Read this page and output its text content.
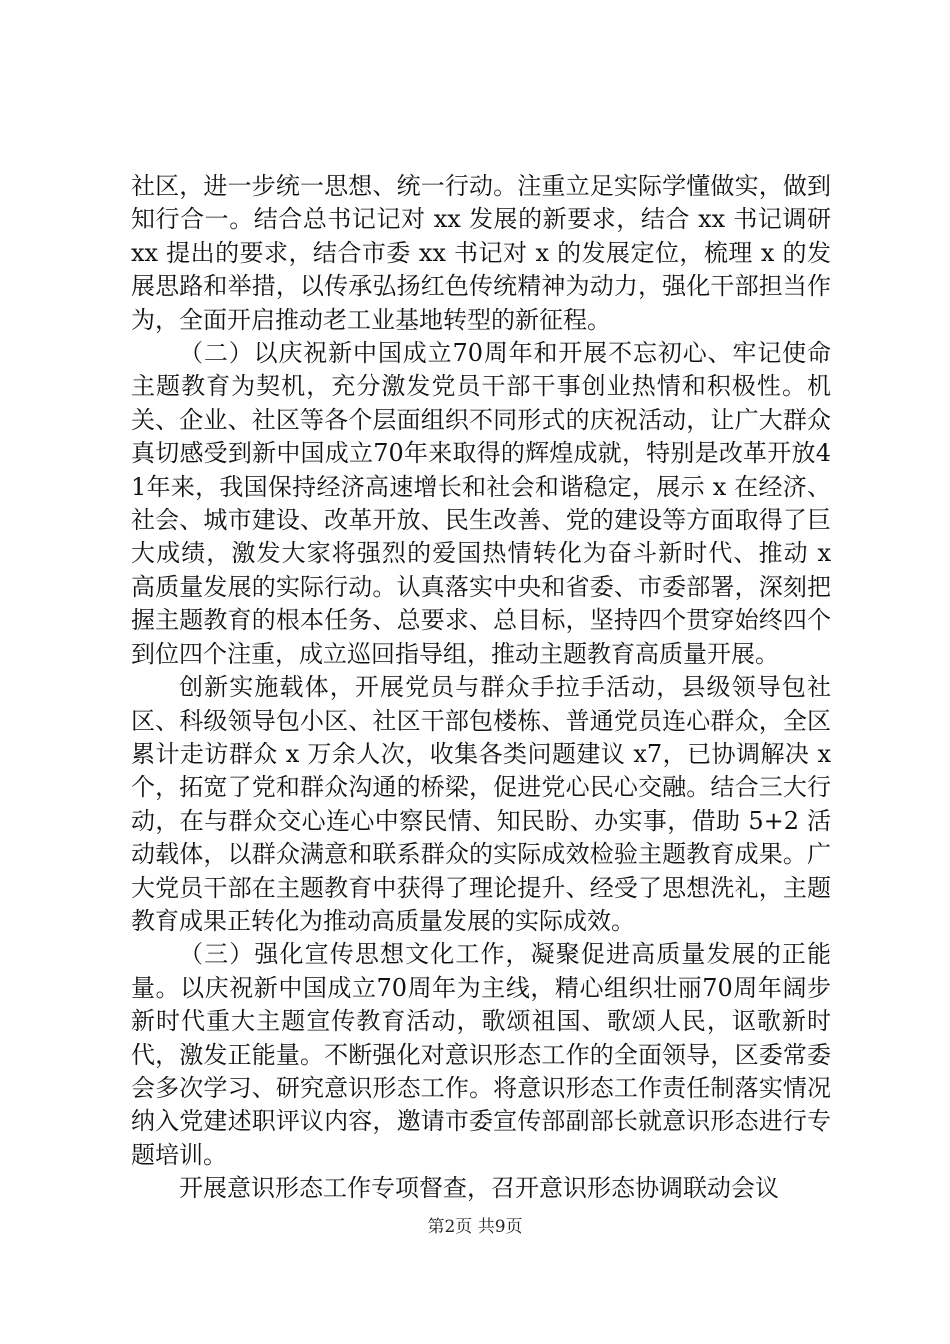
社区，进一步统一思想、统一行动。注重立足实际学懂做实，做到知行合一。结合总书记记对 xx 发展的新要求，结合 xx 书记调研 xx 提出的要求，结合市委 xx 书记对 x 的发展定位，梳理 x 的发展思路和举措，以传承弘扬红色传统精神为动力，强化干部担当作为，全面开启推动老工业基地转型的新征程。

（二）以庆祝新中国成立70周年和开展不忘初心、牢记使命主题教育为契机，充分激发党员干部干事创业热情和积极性。机关、企业、社区等各个层面组织不同形式的庆祝活动，让广大群众真切感受到新中国成立70年来取得的辉煌成就，特别是改革开放41年来，我国保持经济高速增长和社会和谐稳定，展示 x 在经济、社会、城市建设、改革开放、民生改善、党的建设等方面取得了巨大成绩，激发大家将强烈的爱国热情转化为奋斗新时代、推动 x 高质量发展的实际行动。认真落实中央和省委、市委部署，深刻把握主题教育的根本任务、总要求、总目标，坚持四个贯穿始终四个到位四个注重，成立巡回指导组，推动主题教育高质量开展。

创新实施载体，开展党员与群众手拉手活动，县级领导包社区、科级领导包小区、社区干部包楼栋、普通党员连心群众，全区累计走访群众 x 万余人次，收集各类问题建议 x7，已协调解决 x 个，拓宽了党和群众沟通的桥梁，促进党心民心交融。结合三大行动，在与群众交心连心中察民情、知民盼、办实事，借助 5+2 活动载体，以群众满意和联系群众的实际成效检验主题教育成果。广大党员干部在主题教育中获得了理论提升、经受了思想洗礼，主题教育成果正转化为推动高质量发展的实际成效。

（三）强化宣传思想文化工作，凝聚促进高质量发展的正能量。以庆祝新中国成立70周年为主线，精心组织壮丽70周年阔步新时代重大主题宣传教育活动，歌颂祖国、歌颂人民，讴歌新时代，激发正能量。不断强化对意识形态工作的全面领导，区委常委会多次学习、研究意识形态工作。将意识形态工作责任制落实情况纳入党建述职评议内容，邀请市委宣传部副部长就意识形态进行专题培训。

开展意识形态工作专项督查，召开意识形态协调联动会议

第2页 共9页
